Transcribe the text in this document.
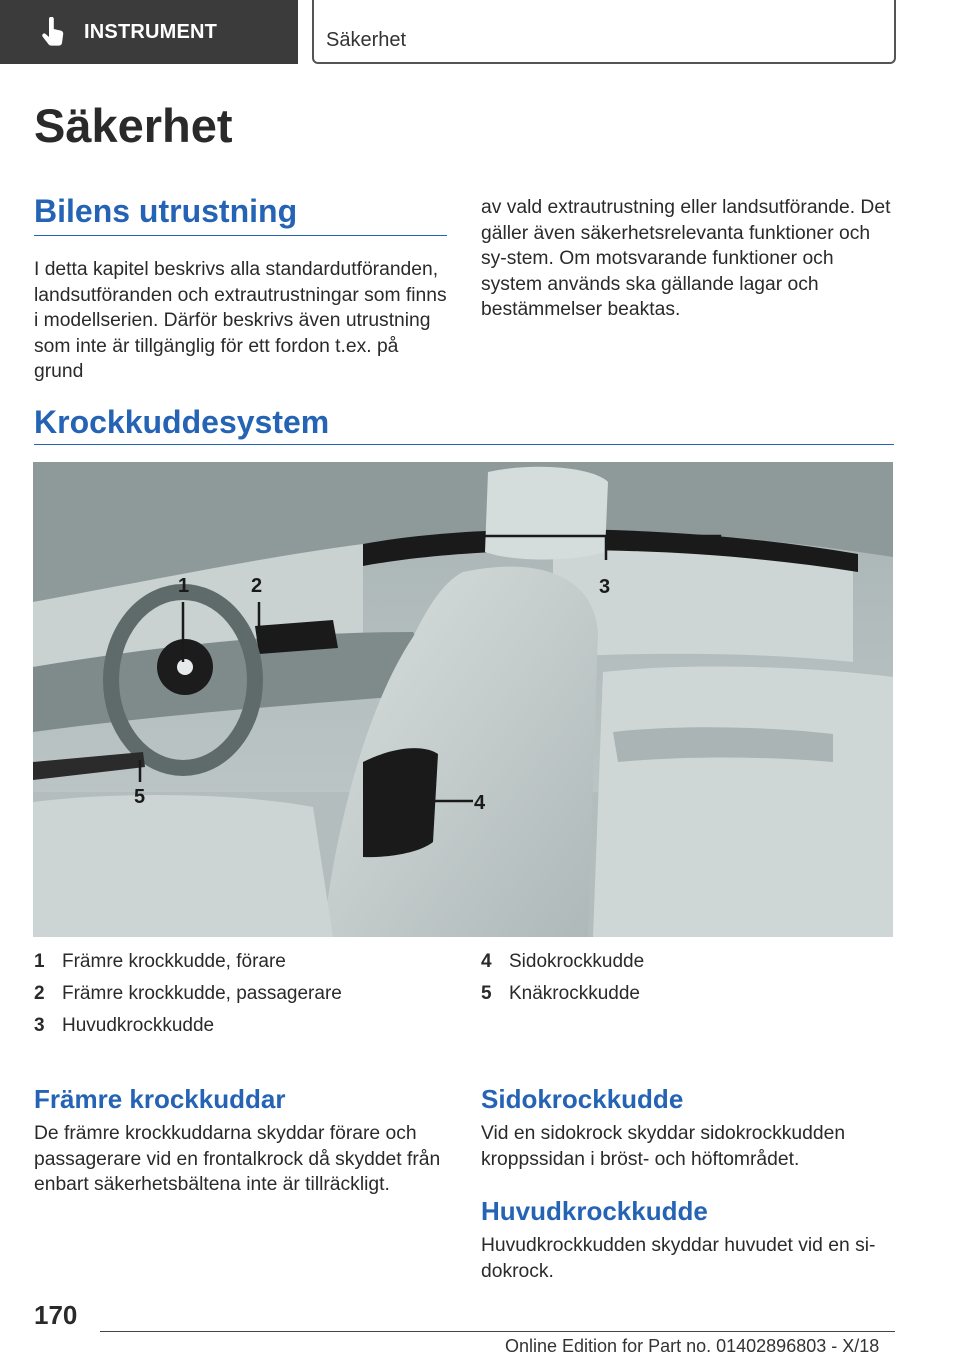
INSTRUMENT	Säkerhet
Säkerhet
Bilens utrustning

I detta kapitel beskrivs alla standardutföranden, landsutföranden och extrautrustningar som finns i modellserien. Därför beskrivs även utrustning som inte är tillgänglig för ett fordon t.ex. på grund

av vald extrautrustning eller landsutförande. Det gäller även säkerhetsrelevanta funktioner och sy-stem. Om motsvarande funktioner och system används ska gällande lagar och bestämmelser beaktas.

Krockkuddesystem
1	2	3
4
5
1 Främre krockkudde, förare
2 Främre krockkudde, passagerare
3 Huvudkrockkudde
4 Sidokrockkudde
5 Knäkrockkudde
Främre krockkuddar

De främre krockkuddarna skyddar förare och passagerare vid en frontalkrock då skyddet från enbart säkerhetsbältena inte är tillräckligt.

Sidokrockkudde

Vid en sidokrock skyddar sidokrockkudden kroppssidan i bröst- och höftområdet.

Huvudkrockkudde

Huvudkrockkudden skyddar huvudet vid en si-dokrock.

170
Online Edition for Part no. 01402896803 - X/18
